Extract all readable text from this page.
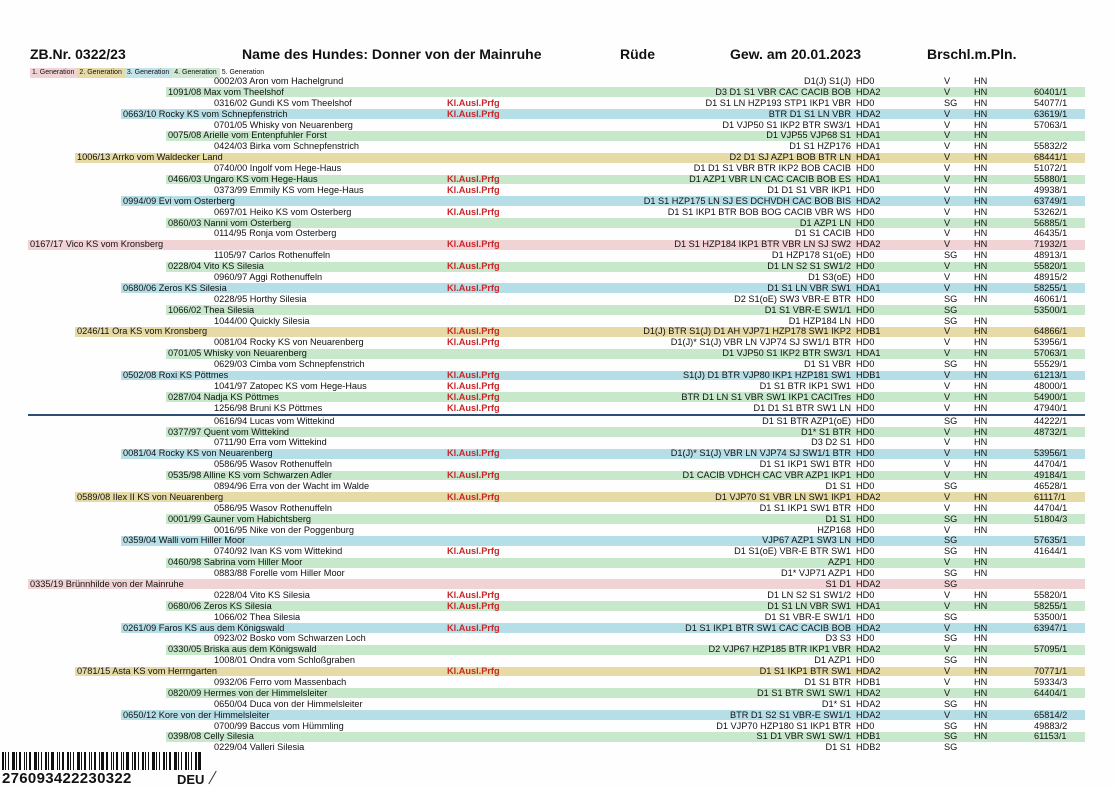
ZB.Nr. 0322/23	Name des Hundes: Donner von der Mainruhe	Rüde	Gew. am 20.01.2023	Brschl.m.Pln.
1. Generation 2. Generation 3. Generation 4. Generation 5. Generation
0002/03 Aron vom Hachelgrund	D1(J) S1(J) HD0	V	HN
1091/08 Max vom Theelshof	D3 D1 S1 VBR CAC CACIB BOB HDA2	V	HN	60401/1
0316/02 Gundi KS vom Theelshof	Kl.Ausl.Prfg	D1 S1 LN HZP193 STP1 IKP1 VBR HD0	SG HN	54077/1
0663/10 Rocky KS vom Schnepfenstrich	Kl.Ausl.Prfg	BTR D1 S1 LN VBR HDA2	V	HN	63619/1
0701/05 Whisky von Neuarenberg	D1 VJP50 S1 IKP2 BTR SW3/1 HDA1	V	HN	57063/1
0075/08 Arielle vom Entenpfuhler Forst	D1 VJP55 VJP68 S1 HDA1	V	HN
0424/03 Birka vom Schnepfenstrich	D1 S1 HZP176 HDA1	V	HN	55832/2
1006/13 Arrko vom Waldecker Land	D2 D1 SJ AZP1 BOB BTR LN HDA1	V	HN	68441/1
0740/00 Ingolf vom Hege-Haus	D1 D1 S1 VBR BTR IKP2 BOB CACIB HD0	V	HN	51072/1
0466/03 Ungaro KS vom Hege-Haus	Kl.Ausl.Prfg	D1 AZP1 VBR LN CAC CACIB BOB ES HDA1	V	HN	55880/1
0373/99 Emmily KS vom Hege-Haus	Kl.Ausl.Prfg	D1 D1 S1 VBR IKP1 HD0	V	HN	49938/1
0994/09 Evi vom Osterberg	D1 S1 HZP175 LN SJ ES DCHVDH CAC BOB BIS HDA2	V	HN	63749/1
0697/01 Heiko KS vom Osterberg	Kl.Ausl.Prfg	D1 S1 IKP1 BTR BOB BOG CACIB VBR WS HD0	V	HN	53262/1
0860/03 Nanni vom Osterberg	D1 AZP1 LN HD0	V	HN	56885/1
0114/95 Ronja vom Osterberg	D1 S1 CACIB HD0	V	HN	46435/1
0167/17 Vico KS vom Kronsberg	Kl.Ausl.Prfg	D1 S1 HZP184 IKP1 BTR VBR LN SJ SW2 HDA2	V	HN	71932/1
1105/97 Carlos Rothenuffeln	D1 HZP178 S1(oE) HD0	SG HN	48913/1
0228/04 Vito KS Silesia	Kl.Ausl.Prfg	D1 LN S2 S1 SW1/2 HD0	V	HN	55820/1
0960/97 Aggi Rothenuffeln	D1 S3(oE) HD0	V	HN	48915/2
0680/06 Zeros KS Silesia	Kl.Ausl.Prfg	D1 S1 LN VBR SW1 HDA1	V	HN	58255/1
0228/95 Horthy Silesia	D2 S1(oE) SW3 VBR-E BTR HD0	SG HN	46061/1
1066/02 Thea Silesia	D1 S1 VBR-E SW1/1 HD0	SG	53500/1
1044/00 Quickly Silesia	D1 HZP184 LN HD0	SG HN
0246/11 Ora KS vom Kronsberg	Kl.Ausl.Prfg	D1(J) BTR S1(J) D1 AH VJP71 HZP178 SW1 IKP2 HDB1	V	HN	64866/1
0081/04 Rocky KS von Neuarenberg	Kl.Ausl.Prfg	D1(J)* S1(J) VBR LN VJP74 SJ SW1/1 BTR HD0	V	HN	53956/1
0701/05 Whisky von Neuarenberg	D1 VJP50 S1 IKP2 BTR SW3/1 HDA1	V	HN	57063/1
0629/03 Cimba vom Schnepfenstrich	D1 S1 VBR HD0	SG HN	55529/1
0502/08 Roxi KS Pöttmes	Kl.Ausl.Prfg	S1(J) D1 BTR VJP80 IKP1 HZP181 SW1 HDB1	V	HN	61213/1
1041/97 Zatopec KS vom Hege-Haus	Kl.Ausl.Prfg	D1 S1 BTR IKP1 SW1 HD0	V	HN	48000/1
0287/04 Nadja KS Pöttmes	Kl.Ausl.Prfg	BTR D1 LN S1 VBR SW1 IKP1 CACITres HD0	V	HN	54900/1
1256/98 Bruni KS Pöttmes	Kl.Ausl.Prfg	D1 D1 S1 BTR SW1 LN HD0	V	HN	47940/1
0616/94 Lucas vom Wittekind	D1 S1 BTR AZP1(oE) HD0	SG HN	44222/1
0377/97 Quent vom Wittekind	D1* S1 BTR HD0	V	HN	48732/1
0711/90 Erra vom Wittekind	D3 D2 S1 HD0	V	HN
0081/04 Rocky KS von Neuarenberg	Kl.Ausl.Prfg	D1(J)* S1(J) VBR LN VJP74 SJ SW1/1 BTR HD0	V	HN	53956/1
0586/95 Wasov Rothenuffeln	D1 S1 IKP1 SW1 BTR HD0	V	HN	44704/1
0535/98 Alline KS vom Schwarzen Adler	Kl.Ausl.Prfg	D1 CACIB VDHCH CAC VBR AZP1 IKP1 HD0	V	HN	49184/1
0894/96 Erra von der Wacht im Walde	D1 S1 HD0	SG	46528/1
0589/08 Ilex II KS von Neuarenberg	Kl.Ausl.Prfg	D1 VJP70 S1 VBR LN SW1 IKP1 HDA2	V	HN	61117/1
0586/95 Wasov Rothenuffeln	D1 S1 IKP1 SW1 BTR HD0	V	HN	44704/1
0001/99 Gauner vom Habichtsberg	D1 S1 HD0	SG HN	51804/3
0016/95 Nike von der Poggenburg	HZP168 HD0	V	HN
0359/04 Walli vom Hiller Moor	VJP67 AZP1 SW3 LN HD0	SG	57635/1
0740/92 Ivan KS vom Wittekind	Kl.Ausl.Prfg	D1 S1(oE) VBR-E BTR SW1 HD0	SG HN	41644/1
0460/98 Sabrina vom Hiller Moor	AZP1 HD0	V	HN
0883/88 Forelle vom Hiller Moor	D1* VJP71 AZP1 HD0	SG HN
0335/19 Brünnhilde von der Mainruhe	S1 D1 HDA2	SG
0228/04 Vito KS Silesia	Kl.Ausl.Prfg	D1 LN S2 S1 SW1/2 HD0	V	HN	55820/1
0680/06 Zeros KS Silesia	Kl.Ausl.Prfg	D1 S1 LN VBR SW1 HDA1	V	HN	58255/1
1066/02 Thea Silesia	D1 S1 VBR-E SW1/1 HD0	SG	53500/1
0261/09 Faros KS aus dem Königswald	Kl.Ausl.Prfg	D1 S1 IKP1 BTR SW1 CAC CACIB BOB HDA2	V	HN	63947/1
0923/02 Bosko vom Schwarzen Loch	D3 S3 HD0	SG HN
0330/05 Briska aus dem Königswald	D2 VJP67 HZP185 BTR IKP1 VBR HDA2	V	HN	57095/1
1008/01 Ondra vom Schloßgraben	D1 AZP1 HD0	SG HN
0781/15 Asta KS vom Herrngarten	Kl.Ausl.Prfg	D1 S1 IKP1 BTR SW1 HDA2	V	HN	70771/1
0932/06 Ferro vom Massenbach	D1 S1 BTR HDB1	V	HN	59334/3
0820/09 Hermes von der Himmelsleiter	D1 S1 BTR SW1 SW/1 HDA2	V	HN	64404/1
0650/04 Duca von der Himmelsleiter	D1* S1 HDA2	SG HN
0650/12 Kore von der Himmelsleiter	BTR D1 S2 S1 VBR-E SW1/1 HDA2	V	HN	65814/2
0700/99 Baccus vom Hümmling	D1 VJP70 HZP180 S1 IKP1 BTR HD0	SG HN	49883/2
0398/08 Celly Silesia	S1 D1 VBR SW1 SW/1 HDB1	SG HN	61153/1
0229/04 Valleri Silesia	D1 S1 HDB2	SG
276093422230322	DEU
